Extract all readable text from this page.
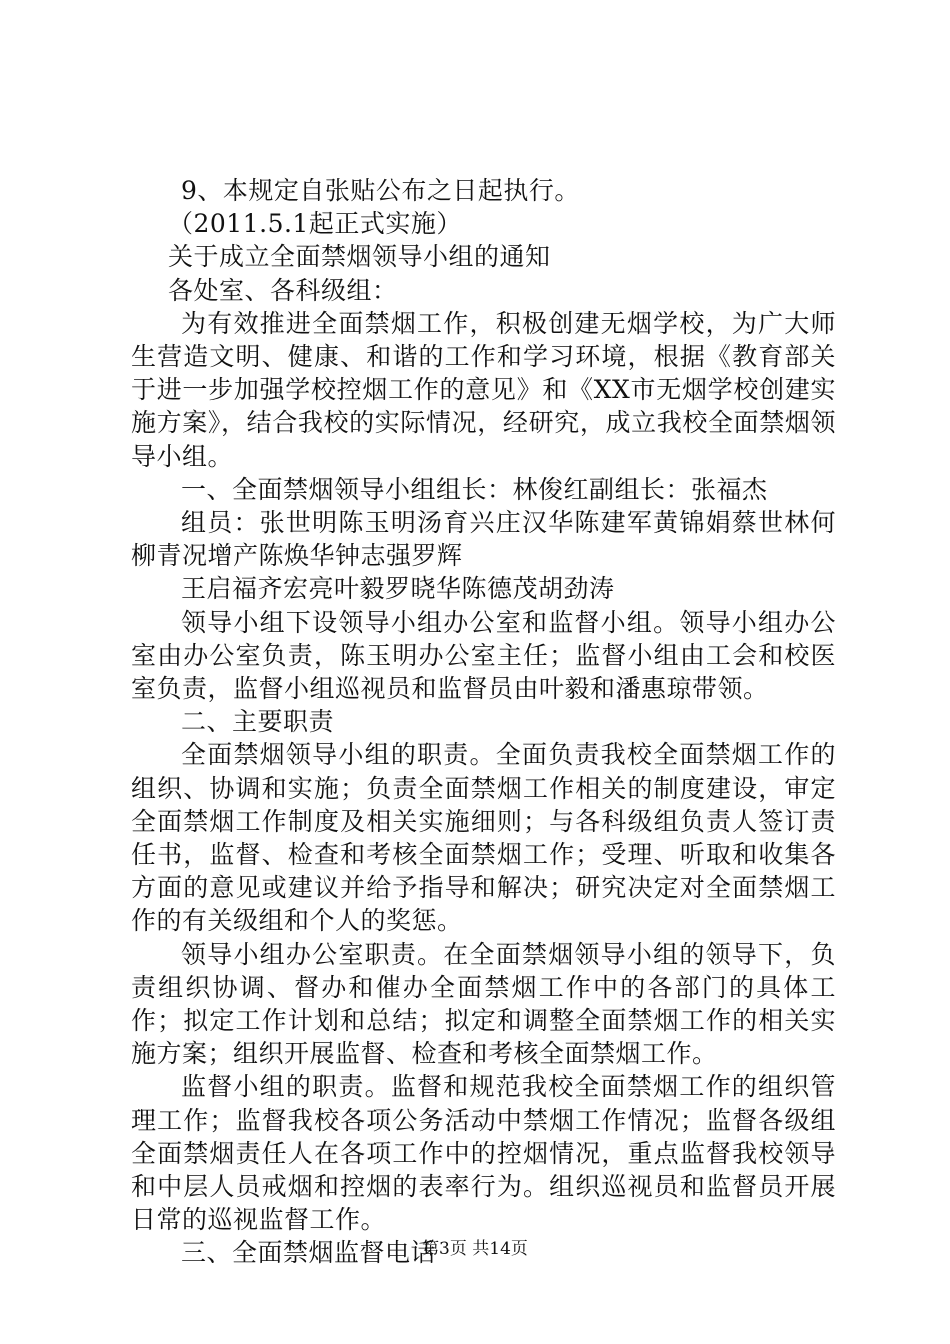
9、本规定自张贴公布之日起执行。
（2011.5.1起正式实施）
关于成立全面禁烟领导小组的通知
各处室、各科级组：
为有效推进全面禁烟工作，积极创建无烟学校，为广大师生营造文明、健康、和谐的工作和学习环境，根据《教育部关于进一步加强学校控烟工作的意见》和《XX市无烟学校创建实施方案》，结合我校的实际情况，经研究，成立我校全面禁烟领导小组。
一、全面禁烟领导小组组长：林俊红副组长：张福杰
组员：张世明陈玉明汤育兴庄汉华陈建军黄锦娟蔡世林何柳青况增产陈焕华钟志强罗辉
王启福齐宏亮叶毅罗晓华陈德茂胡劲涛
领导小组下设领导小组办公室和监督小组。领导小组办公室由办公室负责，陈玉明办公室主任；监督小组由工会和校医室负责，监督小组巡视员和监督员由叶毅和潘惠琼带领。
二、主要职责
全面禁烟领导小组的职责。全面负责我校全面禁烟工作的组织、协调和实施；负责全面禁烟工作相关的制度建设，审定全面禁烟工作制度及相关实施细则；与各科级组负责人签订责任书，监督、检查和考核全面禁烟工作；受理、听取和收集各方面的意见或建议并给予指导和解决；研究决定对全面禁烟工作的有关级组和个人的奖惩。
领导小组办公室职责。在全面禁烟领导小组的领导下，负责组织协调、督办和催办全面禁烟工作中的各部门的具体工作；拟定工作计划和总结；拟定和调整全面禁烟工作的相关实施方案；组织开展监督、检查和考核全面禁烟工作。
监督小组的职责。监督和规范我校全面禁烟工作的组织管理工作；监督我校各项公务活动中禁烟工作情况；监督各级组全面禁烟责任人在各项工作中的控烟情况，重点监督我校领导和中层人员戒烟和控烟的表率行为。组织巡视员和监督员开展日常的巡视监督工作。
三、全面禁烟监督电话
第3页 共14页
